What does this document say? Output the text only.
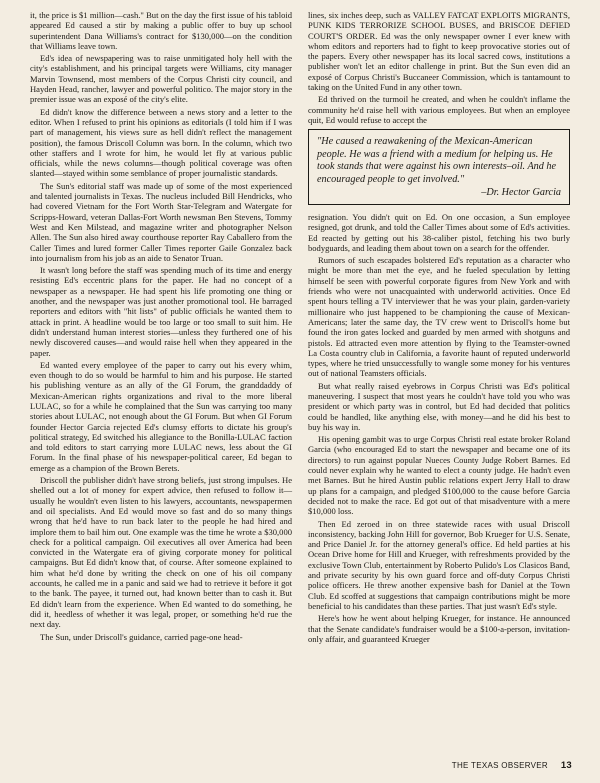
it, the price is $1 million—cash." But on the day the first issue of his tabloid appeared Ed caused a stir by making a public offer to buy up school superintendent Dana Williams's contract for $130,000—on the condition that Williams leave town.

Ed's idea of newspapering was to raise unmitigated holy hell with the city's establishment, and his principal targets were Williams, city manager Marvin Townsend, most members of the Corpus Christi city council, and Hayden Head, rancher, lawyer and powerful politico. The major story in the premier issue was an exposé of the city's elite.

Ed didn't know the difference between a news story and a letter to the editor. When I refused to print his opinions as editorials (I told him if I was part of management, his views sure as hell didn't reflect the management position), the famous Driscoll Column was born. In the column, which two other staffers and I wrote for him, he would let fly at various public officials, while the news columns—though political coverage was often slanted—stayed within some semblance of proper journalistic standards.

The Sun's editorial staff was made up of some of the most experienced and talented journalists in Texas. The nucleus included Bill Hendricks, who had covered Vietnam for the Fort Worth Star-Telegram and Watergate for Scripps-Howard, veteran Dallas-Fort Worth newsman Ben Stevens, Tommy West and Ken Milstead, and magazine writer and photographer Nelson Allen. The Sun also hired away courthouse reporter Ray Caballero from the Caller Times and lured former Caller Times reporter Gaile Gonzalez back into journalism from his job as an aide to Senator Truan.

It wasn't long before the staff was spending much of its time and energy resisting Ed's eccentric plans for the paper. He had no concept of a newspaper as a newspaper. He had spent his life promoting one thing or another, and the newspaper was just another promotional tool. He barraged reporters and editors with "hit lists" of public officials he wanted them to attack in print. A headline would be too large or too small to suit him. He didn't understand human interest stories—unless they furthered one of his newly discovered causes—and would raise hell when they appeared in the paper.

Ed wanted every employee of the paper to carry out his every whim, even though to do so would be harmful to him and his purpose. He started his publishing venture as an ally of the GI Forum, the granddaddy of Mexican-American rights organizations and rival to the more liberal LULAC, so for a while he complained that the Sun was carrying too many stories about LULAC, not enough about the GI Forum. But when GI Forum founder Hector Garcia rejected Ed's clumsy efforts to dictate his group's political strategy, Ed switched his allegiance to the Bonilla-LULAC faction and told editors to start carrying more LULAC news, less about the GI Forum. In the final phase of his newspaper-political career, Ed began to emerge as a champion of the Brown Berets.

Driscoll the publisher didn't have strong beliefs, just strong impulses. He shelled out a lot of money for expert advice, then refused to follow it—usually he wouldn't even listen to his lawyers, accountants, newspapermen and oil specialists. And Ed would move so fast and do so many things wrong that he'd have to run back later to the people he had hired and implore them to bail him out. One example was the time he wrote a $30,000 check for a political campaign. Oil executives all over America had been convicted in the Watergate era of giving corporate money for political campaigns. But Ed didn't know that, of course. After someone explained to him what he'd done by writing the check on one of his oil company accounts, he called me in a panic and said we had to retrieve it before it got to the bank. The payee, it turned out, had known better than to cash it. But Ed didn't learn from the experience. When Ed wanted to do something, he did it, heedless of whether it was legal, proper, or something he'd rue the next day.

The Sun, under Driscoll's guidance, carried page-one head-

lines, six inches deep, such as VALLEY FATCAT EXPLOITS MIGRANTS, PUNK KIDS TERRORIZE SCHOOL BUSES, and BRISCOE DEFIED COURT'S ORDER. Ed was the only newspaper owner I ever knew with whom editors and reporters had to fight to keep provocative stories out of the papers. Every other newspaper has its local sacred cows, institutions a publisher won't let an editor challenge in print. But the Sun even did an exposé of Corpus Christi's Buccaneer Commission, which is tantamount to taking on the United Fund in any other town.

Ed thrived on the turmoil he created, and when he couldn't inflame the community he'd raise hell with various employees. But when an employee quit, Ed would refuse to accept the

"He caused a reawakening of the Mexican-American people. He was a friend with a medium for helping us. He took stands that were against his own interests–oil. And he encouraged people to get involved."
–Dr. Hector Garcia

resignation. You didn't quit on Ed. On one occasion, a Sun employee resigned, got drunk, and told the Caller Times about some of Ed's activities. Ed reacted by getting out his 38-caliber pistol, fetching his two burly bodyguards, and leading them about town on a search for the offender.

Rumors of such escapades bolstered Ed's reputation as a character who might be more than met the eye, and he fueled speculation by letting himself be seen with powerful corporate figures from New York and with friends who were not unacquainted with underworld activities. Once Ed spent hours telling a TV interviewer that he was your plain, garden-variety millionaire who just happened to be championing the cause of Mexican-Americans; later the same day, the TV crew went to Driscoll's home but found the iron gates locked and guarded by men armed with shotguns and pistols. Ed attracted even more attention by flying to the Teamster-owned La Costa country club in California, a favorite haunt of reputed underworld types, where he tried unsuccessfully to wangle some money for his ventures out of national Teamsters officials.

But what really raised eyebrows in Corpus Christi was Ed's political maneuvering. I suspect that most years he couldn't have told you who was president or which party was in control, but Ed had decided that politics could be handled, like anything else, with money—and he did his best to buy his way in.

His opening gambit was to urge Corpus Christi real estate broker Roland Garcia (who encouraged Ed to start the newspaper and became one of its directors) to run against popular Nueces County Judge Robert Barnes. Ed could never explain why he wanted to elect a county judge. He hadn't even met Barnes. But he hired Austin public relations expert Jerry Hall to draw up plans for a campaign, and pledged $100,000 to the cause before Garcia decided not to make the race. Ed got out of that misadventure with a mere $10,000 loss.

Then Ed zeroed in on three statewide races with usual Driscoll inconsistency, backing John Hill for governor, Bob Krueger for U.S. Senate, and Price Daniel Jr. for the attorney general's office. Ed held parties at his Ocean Drive home for Hill and Krueger, with refreshments provided by the exclusive Town Club, entertainment by Roberto Pulido's Los Clasicos Band, and private security by his own guard force and off-duty Corpus Christi police officers. He threw another expensive bash for Daniel at the Town Club. Ed scoffed at suggestions that campaign contributions might be more beneficial to his candidates than these parties. That just wasn't Ed's style.

Here's how he went about helping Krueger, for instance. He announced that the Senate candidate's fundraiser would be a $100-a-person, invitation-only affair, and guaranteed Krueger

THE TEXAS OBSERVER 13
